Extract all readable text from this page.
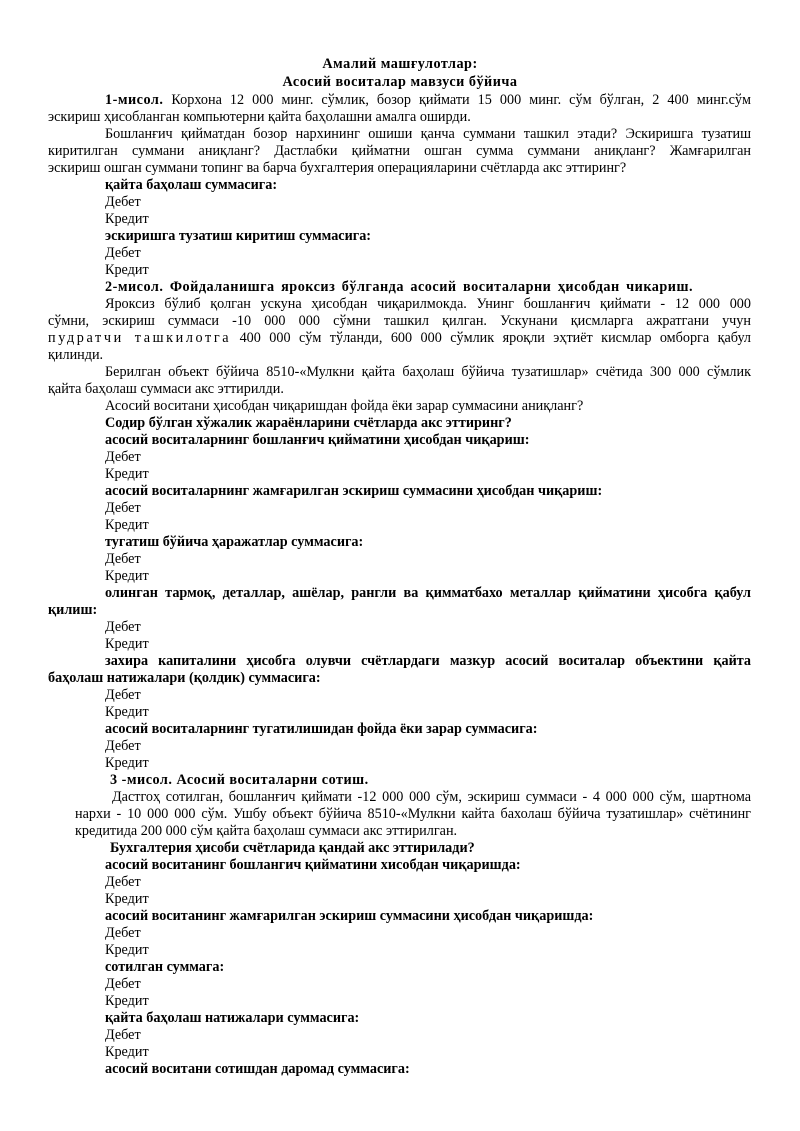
Амалий машғулотлар:
Асосий воситалар мавзуси бўйича
1-мисол. Корхона 12 000 минг. сўмлик, бозор қиймати 15 000 минг. сўм бўлган, 2 400 минг.сўм
эскириш ҳисобланган компьютерни қайта баҳолашни амалга оширди.
Бошланғич қийматдан бозор нархининг ошиши қанча суммани ташкил этади? Эскиришга тузатиш
киритилган суммани аниқланг? Дастлабки қийматни ошган сумма суммани аниқланг? Жамғарилган
эскириш ошган суммани топинг ва барча бухгалтерия операцияларини счётларда акс эттиринг?
қайта баҳолаш суммасига:
Дебет
Кредит
эскиришга тузатиш киритиш суммасига:
Дебет
Кредит
2-мисол. Фойдаланишга яроксиз бўлганда асосий воситаларни ҳисобдан чикариш.
Яроксиз бўлиб қолган ускуна ҳисобдан чиқарилмокда. Унинг бошланғич қиймати - 12 000 000
сўмни, эскириш суммаси -10 000 000 сўмни ташкил қилган. Ускунани қисмларга ажратгани учун
пудратчи ташкилотга 400 000 сўм тўланди, 600 000 сўмлик яроқли эҳтиёт кисмлар омборга қабул
қилинди.
Берилган объект бўйича 8510-«Мулкни қайта баҳолаш бўйича тузатишлар» счётида 300 000 сўмлик
қайта баҳолаш суммаси акс эттирилди.
Асосий воситани ҳисобдан чиқаришдан фойда ёки зарар суммасини аниқланг?
Содир бўлган хўжалик жараёнларини счётларда акс эттиринг?
асосий воситаларнинг бошланғич қийматини ҳисобдан чиқариш:
Дебет
Кредит
асосий воситаларнинг жамғарилган эскириш суммасини ҳисобдан чиқариш:
Дебет
Кредит
тугатиш бўйича ҳаражатлар суммасига:
Дебет
Кредит
олинган тармоқ, деталлар, ашёлар, рангли ва қимматбахо металлар қийматини ҳисобга қабул
қилиш:
Дебет
Кредит
захира капиталини ҳисобга олувчи счётлардаги мазкур асосий воситалар объектини қайта
баҳолаш натижалари (қолдик) суммасига:
Дебет
Кредит
асосий воситаларнинг тугатилишидан фойда ёки зарар суммасига:
Дебет
Кредит
3 -мисол. Асосий воситаларни сотиш.
Дастгоҳ сотилган, бошланғич қиймати -12 000 000 сўм, эскириш суммаси - 4 000 000 сўм, шартнома
нархи - 10 000 000 сўм. Ушбу объект бўйича 8510-«Мулкни кайта бахолаш бўйича тузатишлар» счётининг
кредитида 200 000 сўм қайта баҳолаш суммаси акс эттирилган.
Бухгалтерия ҳисоби счётларида қандай акс эттирилади?
асосий воситанинг бошлангич қийматини хисобдан чиқаришда:
Дебет
Кредит
асосий воситанинг жамғарилган эскириш суммасини ҳисобдан чиқаришда:
Дебет
Кредит
сотилган суммага:
Дебет
Кредит
қайта баҳолаш натижалари суммасига:
Дебет
Кредит
асосий воситани сотишдан даромад суммасига:
